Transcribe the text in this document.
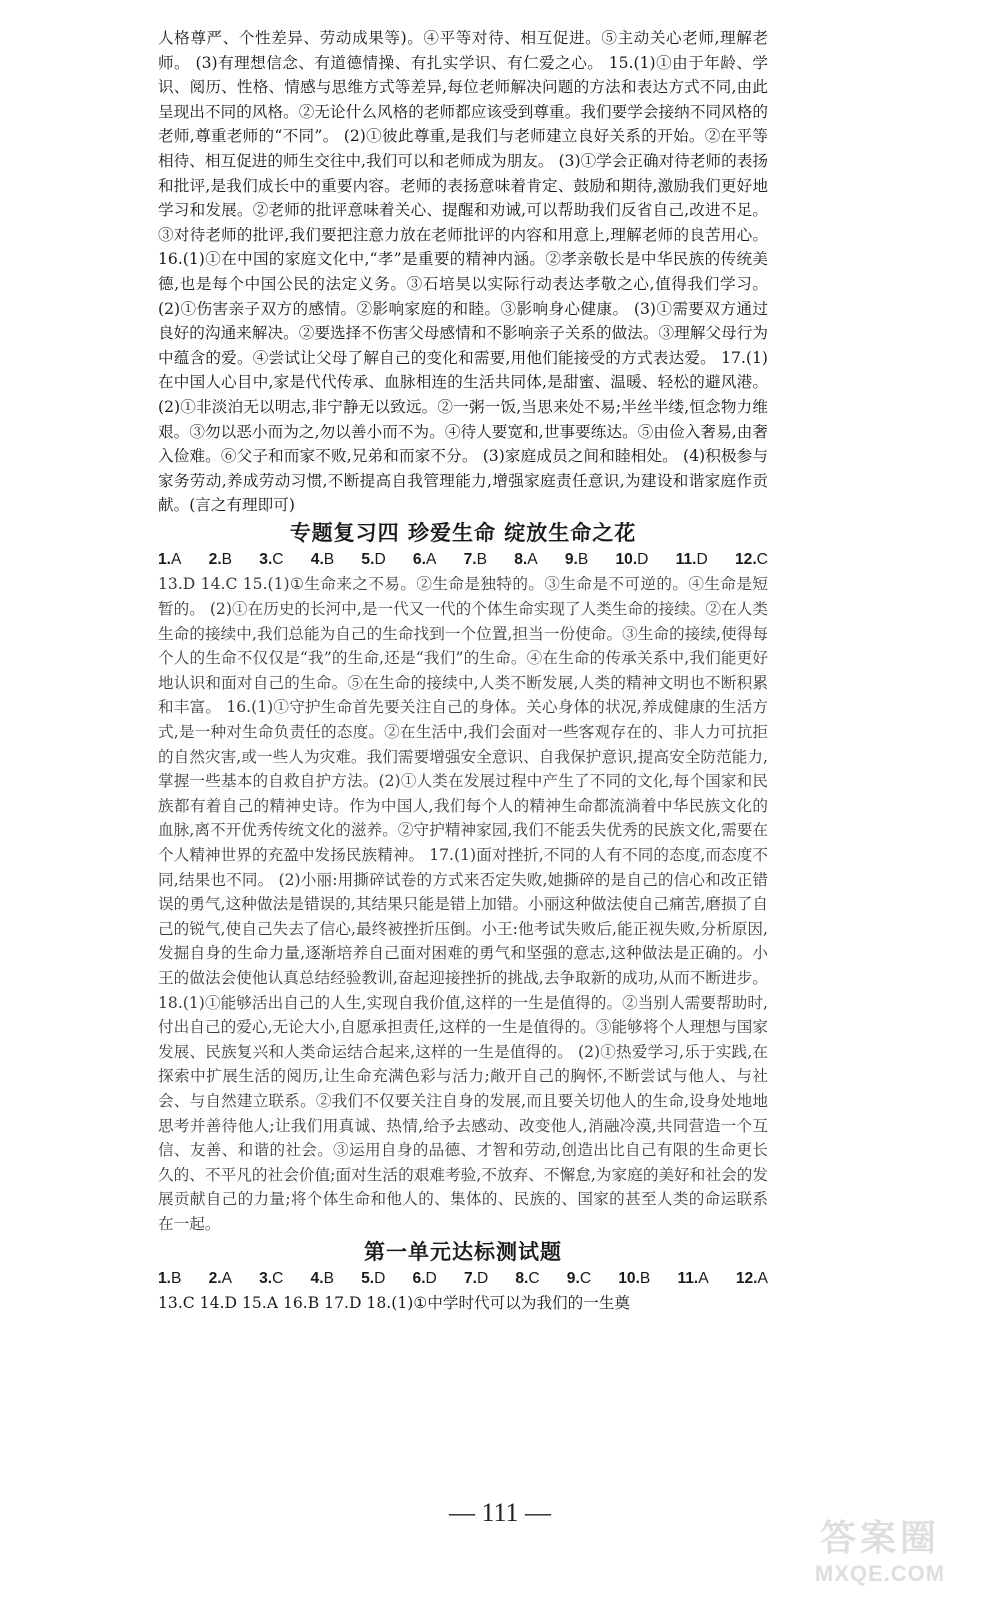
人格尊严、个性差异、劳动成果等)。④平等对待、相互促进。⑤主动关心老师,理解老师。 (3)有理想信念、有道德情操、有扎实学识、有仁爱之心。 15.(1)①由于年龄、学识、阅历、性格、情感与思维方式等差异,每位老师解决问题的方法和表达方式不同,由此呈现出不同的风格。②无论什么风格的老师都应该受到尊重。我们要学会接纳不同风格的老师,尊重老师的“不同”。 (2)①彼此尊重,是我们与老师建立良好关系的开始。②在平等相待、相互促进的师生交往中,我们可以和老师成为朋友。 (3)①学会正确对待老师的表扬和批评,是我们成长中的重要内容。老师的表扬意味着肯定、鼓励和期待,激励我们更好地学习和发展。②老师的批评意味着关心、提醒和劝诫,可以帮助我们反省自己,改进不足。③对待老师的批评,我们要把注意力放在老师批评的内容和用意上,理解老师的良苦用心。 16.(1)①在中国的家庭文化中,“孝”是重要的精神内涵。②孝亲敬长是中华民族的传统美德,也是每个中国公民的法定义务。③石培昊以实际行动表达孝敬之心,值得我们学习。 (2)①伤害亲子双方的感情。②影响家庭的和睦。③影响身心健康。 (3)①需要双方通过良好的沟通来解决。②要选择不伤害父母感情和不影响亲子关系的做法。③理解父母行为中蕴含的爱。④尝试让父母了解自己的变化和需要,用他们能接受的方式表达爱。 17.(1)在中国人心目中,家是代代传承、血脉相连的生活共同体,是甜蜜、温暖、轻松的避风港。 (2)①非淡泊无以明志,非宁静无以致远。②一粥一饭,当思来处不易;半丝半缕,恒念物力维艰。③勿以恶小而为之,勿以善小而不为。④待人要宽和,世事要练达。⑤由俭入奢易,由奢入俭难。⑥父子和而家不败,兄弟和而家不分。 (3)家庭成员之间和睦相处。 (4)积极参与家务劳动,养成劳动习惯,不断提高自我管理能力,增强家庭责任意识,为建设和谐家庭作贡献。(言之有理即可)

专题复习四 珍爱生命 绽放生命之花
1.A 2.B 3.C 4.B 5.D 6.A 7.B 8.A 9.B 10.D 11.D 12.C

13.D 14.C 15.(1)①生命来之不易。②生命是独特的。③生命是不可逆的。④生命是短暂的。 (2)①在历史的长河中,是一代又一代的个体生命实现了人类生命的接续。②在人类生命的接续中,我们总能为自己的生命找到一个位置,担当一份使命。③生命的接续,使得每个人的生命不仅仅是“我”的生命,还是“我们”的生命。④在生命的传承关系中,我们能更好地认识和面对自己的生命。⑤在生命的接续中,人类不断发展,人类的精神文明也不断积累和丰富。 16.(1)①守护生命首先要关注自己的身体。关心身体的状况,养成健康的生活方式,是一种对生命负责任的态度。②在生活中,我们会面对一些客观存在的、非人力可抗拒的自然灾害,或一些人为灾难。我们需要增强安全意识、自我保护意识,提高安全防范能力,掌握一些基本的自救自护方法。(2)①人类在发展过程中产生了不同的文化,每个国家和民族都有着自己的精神史诗。作为中国人,我们每个人的精神生命都流淌着中华民族文化的血脉,离不开优秀传统文化的滋养。②守护精神家园,我们不能丢失优秀的民族文化,需要在个人精神世界的充盈中发扬民族精神。 17.(1)面对挫折,不同的人有不同的态度,而态度不同,结果也不同。 (2)小丽:用撕碎试卷的方式来否定失败,她撕碎的是自己的信心和改正错误的勇气,这种做法是错误的,其结果只能是错上加错。小丽这种做法使自己痛苦,磨损了自己的锐气,使自己失去了信心,最终被挫折压倒。小王:他考试失败后,能正视失败,分析原因,发掘自身的生命力量,逐渐培养自己面对困难的勇气和坚强的意志,这种做法是正确的。小王的做法会使他认真总结经验教训,奋起迎接挫折的挑战,去争取新的成功,从而不断进步。 18.(1)①能够活出自己的人生,实现自我价值,这样的一生是值得的。②当别人需要帮助时,付出自己的爱心,无论大小,自愿承担责任,这样的一生是值得的。③能够将个人理想与国家发展、民族复兴和人类命运结合起来,这样的一生是值得的。 (2)①热爱学习,乐于实践,在探索中扩展生活的阅历,让生命充满色彩与活力;敞开自己的胸怀,不断尝试与他人、与社会、与自然建立联系。②我们不仅要关注自身的发展,而且要关切他人的生命,设身处地地思考并善待他人;让我们用真诚、热情,给予去感动、改变他人,消融冷漠,共同营造一个互信、友善、和谐的社会。③运用自身的品德、才智和劳动,创造出比自己有限的生命更长久的、不平凡的社会价值;面对生活的艰难考验,不放弃、不懈怠,为家庭的美好和社会的发展贡献自己的力量;将个体生命和他人的、集体的、民族的、国家的甚至人类的命运联系在一起。

第一单元达标测试题
1.B 2.A 3.C 4.B 5.D 6.D 7.D 8.C 9.C 10.B 11.A 12.A

13.C 14.D 15.A 16.B 17.D 18.(1)①中学时代可以为我们的一生奠

— 111 —
答案圈
MXQE.COM
